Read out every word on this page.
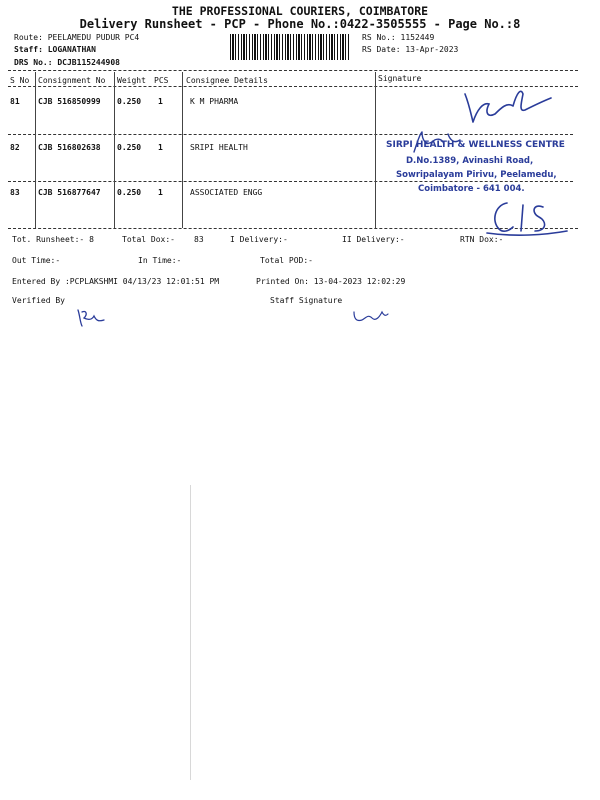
THE PROFESSIONAL COURIERS, COIMBATORE
Delivery Runsheet - PCP - Phone No.:0422-3505555 - Page No.:8
Route: PEELAMEDU PUDUR PC4
Staff: LOGANATHAN
DRS No.: DCJB115244908
RS No.: 1152449
RS Date: 13-Apr-2023
S No Consignment No Weight PCS Consignee Details	Signature
81 CJB 516850999 0.250 1	K M PHARMA
82 CJB 516802638 0.250 1	SRIPI HEALTH
83 CJB 516877647 0.250 1	ASSOCIATED ENGG
SIRPI HEALTH & WELLNESS CENTRE
D.No.1389, Avinashi Road,
Sowripalayam Pirivu, Peelamedu,
Coimbatore - 641 004.
Tot. Runsheet:- 8	Total Dox:- 83	I Delivery:-	II Delivery:-	RTN Dox:-
Out Time:-	In Time:-	Total POD:-
Entered By :PCPLAKSHMI 04/13/23 12:01:51 PM	Printed On: 13-04-2023 12:02:29
Verified By	Staff Signature
